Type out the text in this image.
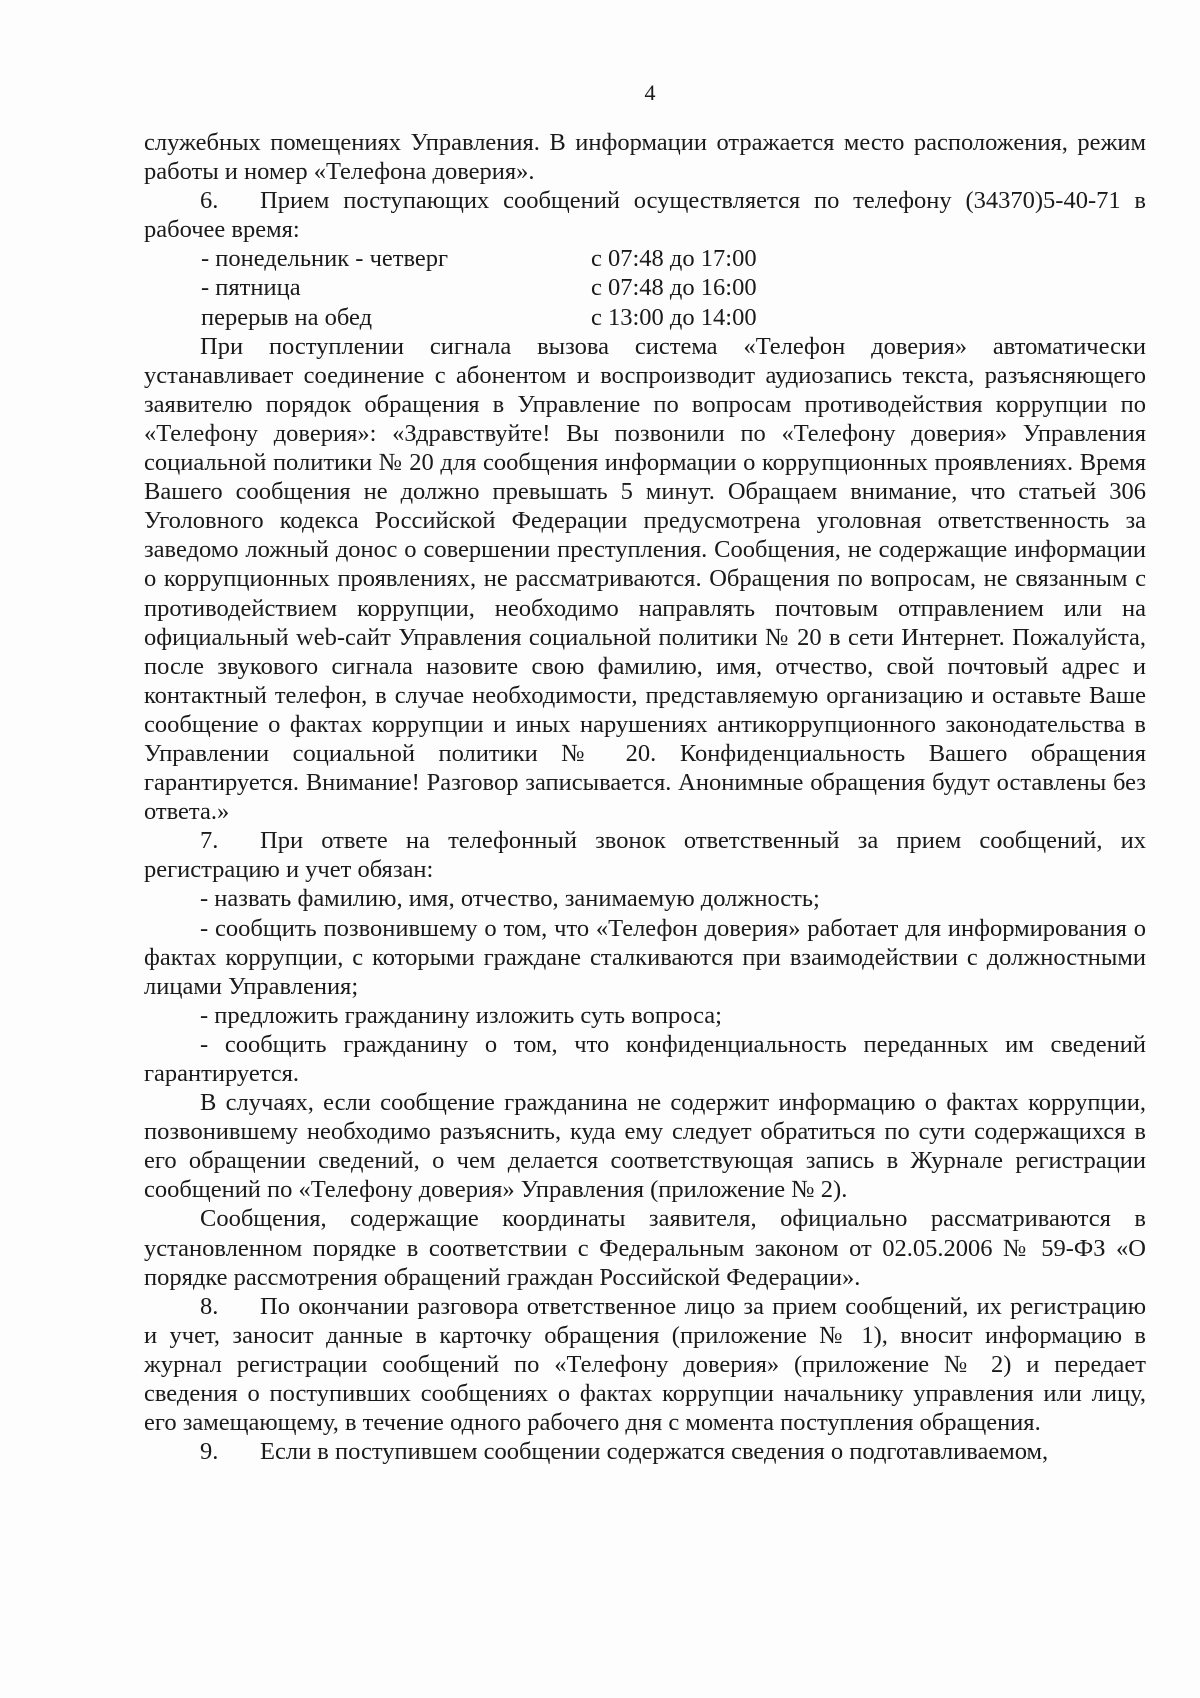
4

служебных помещениях Управления. В информации отражается место расположения, режим работы и номер «Телефона доверия».

6. Прием поступающих сообщений осуществляется по телефону (34370)5-40-71 в рабочее время:

- понедельник - четверг	с 07:48 до 17:00
- пятница	с 07:48 до 16:00
перерыв на обед	с 13:00 до 14:00

При поступлении сигнала вызова система «Телефон доверия» автоматически устанавливает соединение с абонентом и воспроизводит аудиозапись текста, разъясняющего заявителю порядок обращения в Управление по вопросам противодействия коррупции по «Телефону доверия»: «Здравствуйте! Вы позвонили по «Телефону доверия» Управления социальной политики № 20 для сообщения информации о коррупционных проявлениях. Время Вашего сообщения не должно превышать 5 минут. Обращаем внимание, что статьей 306 Уголовного кодекса Российской Федерации предусмотрена уголовная ответственность за заведомо ложный донос о совершении преступления. Сообщения, не содержащие информации о коррупционных проявлениях, не рассматриваются. Обращения по вопросам, не связанным с противодействием коррупции, необходимо направлять почтовым отправлением или на официальный web-сайт Управления социальной политики № 20 в сети Интернет. Пожалуйста, после звукового сигнала назовите свою фамилию, имя, отчество, свой почтовый адрес и контактный телефон, в случае необходимости, представляемую организацию и оставьте Ваше сообщение о фактах коррупции и иных нарушениях антикоррупционного законодательства в Управлении социальной политики № 20. Конфиденциальность Вашего обращения гарантируется. Внимание! Разговор записывается. Анонимные обращения будут оставлены без ответа.»

7. При ответе на телефонный звонок ответственный за прием сообщений, их регистрацию и учет обязан:

- назвать фамилию, имя, отчество, занимаемую должность;

- сообщить позвонившему о том, что «Телефон доверия» работает для информирования о фактах коррупции, с которыми граждане сталкиваются при взаимодействии с должностными лицами Управления;

- предложить гражданину изложить суть вопроса;

- сообщить гражданину о том, что конфиденциальность переданных им сведений гарантируется.

В случаях, если сообщение гражданина не содержит информацию о фактах коррупции, позвонившему необходимо разъяснить, куда ему следует обратиться по сути содержащихся в его обращении сведений, о чем делается соответствующая запись в Журнале регистрации сообщений по «Телефону доверия» Управления (приложение № 2).

Сообщения, содержащие координаты заявителя, официально рассматриваются в установленном порядке в соответствии с Федеральным законом от 02.05.2006 № 59-ФЗ «О порядке рассмотрения обращений граждан Российской Федерации».

8. По окончании разговора ответственное лицо за прием сообщений, их регистрацию и учет, заносит данные в карточку обращения (приложение № 1), вносит информацию в журнал регистрации сообщений по «Телефону доверия» (приложение № 2) и передает сведения о поступивших сообщениях о фактах коррупции начальнику управления или лицу, его замещающему, в течение одного рабочего дня с момента поступления обращения.

9. Если в поступившем сообщении содержатся сведения о подготавливаемом,
